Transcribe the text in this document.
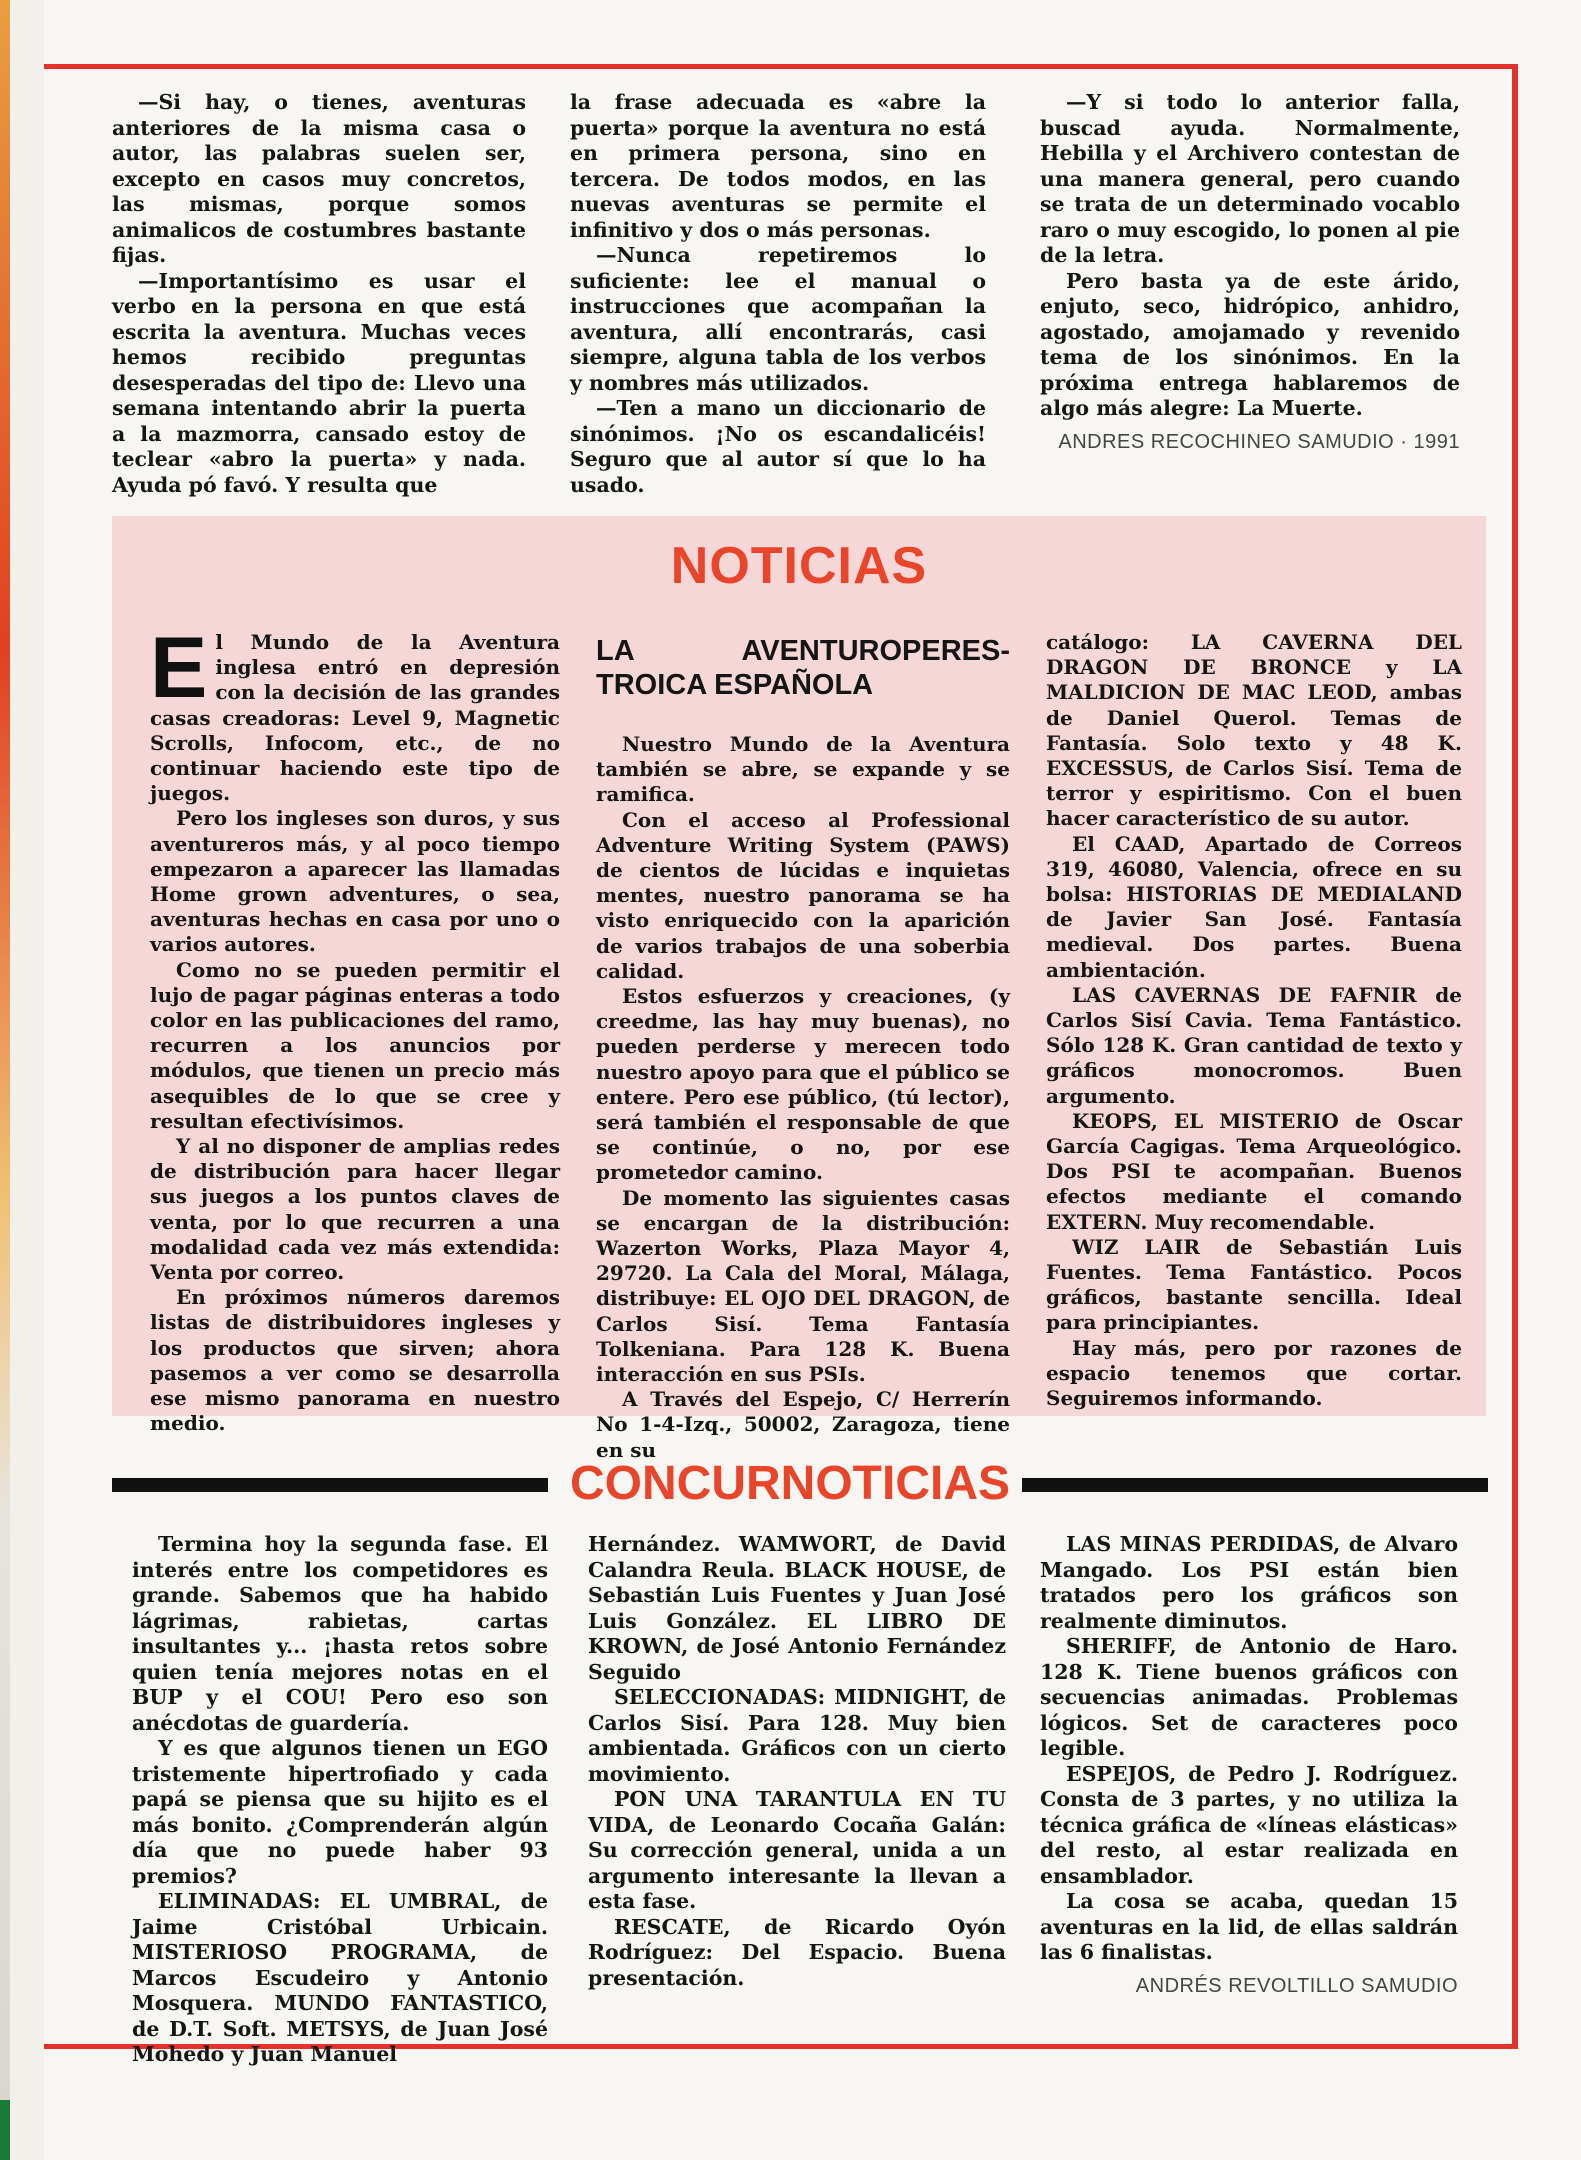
—Si hay, o tienes, aventuras anteriores de la misma casa o autor, las palabras suelen ser, excepto en casos muy concretos, las mismas, porque somos animalicos de costumbres bastante fijas.

—Importantísimo es usar el verbo en la persona en que está escrita la aventura. Muchas veces hemos recibido preguntas desesperadas del tipo de: Llevo una semana intentando abrir la puerta a la mazmorra, cansado estoy de teclear «abro la puerta» y nada. Ayuda pó favó. Y resulta que

la frase adecuada es «abre la puerta» porque la aventura no está en primera persona, sino en tercera. De todos modos, en las nuevas aventuras se permite el infinitivo y dos o más personas.

—Nunca repetiremos lo suficiente: lee el manual o instrucciones que acompañan la aventura, allí encontrarás, casi siempre, alguna tabla de los verbos y nombres más utilizados.

—Ten a mano un diccionario de sinónimos. ¡No os escandalicéis! Seguro que al autor sí que lo ha usado.

—Y si todo lo anterior falla, buscad ayuda. Normalmente, Hebilla y el Archivero contestan de una manera general, pero cuando se trata de un determinado vocablo raro o muy escogido, lo ponen al pie de la letra.

Pero basta ya de este árido, enjuto, seco, hidrópico, anhidro, agostado, amojamado y revenido tema de los sinónimos. En la próxima entrega hablaremos de algo más alegre: La Muerte.

ANDRES RECOCHINEO SAMUDIO · 1991

NOTICIAS

El Mundo de la Aventura inglesa entró en depresión con la decisión de las grandes casas creadoras: Level 9, Magnetic Scrolls, Infocom, etc., de no continuar haciendo este tipo de juegos.

Pero los ingleses son duros, y sus aventureros más, y al poco tiempo empezaron a aparecer las llamadas Home grown adventures, o sea, aventuras hechas en casa por uno o varios autores.

Como no se pueden permitir el lujo de pagar páginas enteras a todo color en las publicaciones del ramo, recurren a los anuncios por módulos, que tienen un precio más asequibles de lo que se cree y resultan efectivísimos.

Y al no disponer de amplias redes de distribución para hacer llegar sus juegos a los puntos claves de venta, por lo que recurren a una modalidad cada vez más extendida: Venta por correo.

En próximos números daremos listas de distribuidores ingleses y los productos que sirven; ahora pasemos a ver como se desarrolla ese mismo panorama en nuestro medio.

LA AVENTUROPERES-TROICA ESPAÑOLA

Nuestro Mundo de la Aventura también se abre, se expande y se ramifica.

Con el acceso al Professional Adventure Writing System (PAWS) de cientos de lúcidas e inquietas mentes, nuestro panorama se ha visto enriquecido con la aparición de varios trabajos de una soberbia calidad.

Estos esfuerzos y creaciones, (y creedme, las hay muy buenas), no pueden perderse y merecen todo nuestro apoyo para que el público se entere. Pero ese público, (tú lector), será también el responsable de que se continúe, o no, por ese prometedor camino.

De momento las siguientes casas se encargan de la distribución: Wazerton Works, Plaza Mayor 4, 29720. La Cala del Moral, Málaga, distribuye: EL OJO DEL DRAGON, de Carlos Sisí. Tema Fantasía Tolkeniana. Para 128 K. Buena interacción en sus PSIs.

A Través del Espejo, C/ Herrerín No 1-4-Izq., 50002, Zaragoza, tiene en su

catálogo: LA CAVERNA DEL DRAGON DE BRONCE y LA MALDICION DE MAC LEOD, ambas de Daniel Querol. Temas de Fantasía. Solo texto y 48 K. EXCESSUS, de Carlos Sisí. Tema de terror y espiritismo. Con el buen hacer característico de su autor.

El CAAD, Apartado de Correos 319, 46080, Valencia, ofrece en su bolsa: HISTORIAS DE MEDIALAND de Javier San José. Fantasía medieval. Dos partes. Buena ambientación.

LAS CAVERNAS DE FAFNIR de Carlos Sisí Cavia. Tema Fantástico. Sólo 128 K. Gran cantidad de texto y gráficos monocromos. Buen argumento.

KEOPS, EL MISTERIO de Oscar García Cagigas. Tema Arqueológico. Dos PSI te acompañan. Buenos efectos mediante el comando EXTERN. Muy recomendable.

WIZ LAIR de Sebastián Luis Fuentes. Tema Fantástico. Pocos gráficos, bastante sencilla. Ideal para principiantes.

Hay más, pero por razones de espacio tenemos que cortar. Seguiremos informando.

CONCURNOTICIAS

Termina hoy la segunda fase. El interés entre los competidores es grande. Sabemos que ha habido lágrimas, rabietas, cartas insultantes y... ¡hasta retos sobre quien tenía mejores notas en el BUP y el COU! Pero eso son anécdotas de guardería.

Y es que algunos tienen un EGO tristemente hipertrofiado y cada papá se piensa que su hijito es el más bonito. ¿Comprenderán algún día que no puede haber 93 premios?

ELIMINADAS: EL UMBRAL, de Jaime Cristóbal Urbicain. MISTERIOSO PROGRAMA, de Marcos Escudeiro y Antonio Mosquera. MUNDO FANTASTICO, de D.T. Soft. METSYS, de Juan José Mohedo y Juan Manuel

Hernández. WAMWORT, de David Calandra Reula. BLACK HOUSE, de Sebastián Luis Fuentes y Juan José Luis González. EL LIBRO DE KROWN, de José Antonio Fernández Seguido

SELECCIONADAS: MIDNIGHT, de Carlos Sisí. Para 128. Muy bien ambientada. Gráficos con un cierto movimiento.

PON UNA TARANTULA EN TU VIDA, de Leonardo Cocaña Galán: Su corrección general, unida a un argumento interesante la llevan a esta fase.

RESCATE, de Ricardo Oyón Rodríguez: Del Espacio. Buena presentación.

LAS MINAS PERDIDAS, de Alvaro Mangado. Los PSI están bien tratados pero los gráficos son realmente diminutos.

SHERIFF, de Antonio de Haro. 128 K. Tiene buenos gráficos con secuencias animadas. Problemas lógicos. Set de caracteres poco legible.

ESPEJOS, de Pedro J. Rodríguez. Consta de 3 partes, y no utiliza la técnica gráfica de «líneas elásticas» del resto, al estar realizada en ensamblador.

La cosa se acaba, quedan 15 aventuras en la lid, de ellas saldrán las 6 finalistas.

ANDRÉS REVOLTILLO SAMUDIO
